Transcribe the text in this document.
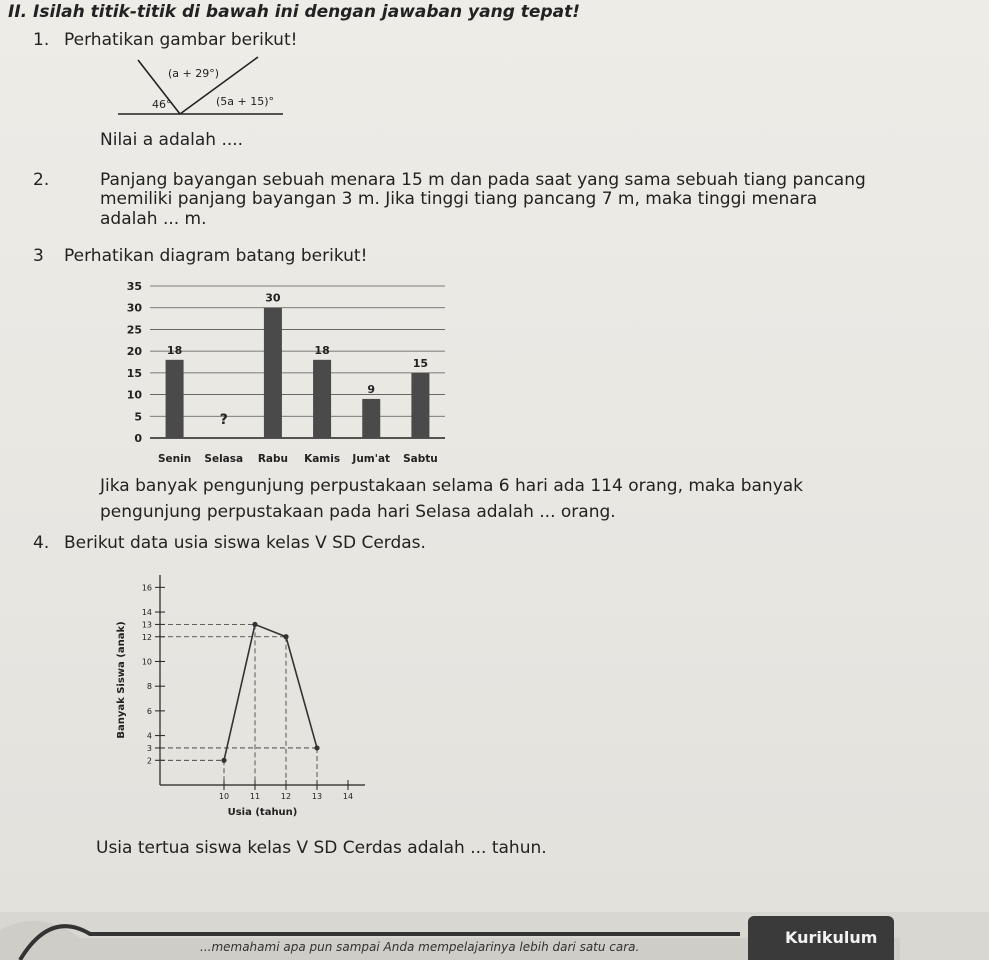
II. Isilah titik-titik di bawah ini dengan jawaban yang tepat!
1. Perhatikan gambar berikut!
(a + 29°)
46°	(5a + 15)°
Nilai a adalah ....
2.	Panjang bayangan sebuah menara 15 m dan pada saat yang sama sebuah tiang pancang
memiliki panjang bayangan 3 m. Jika tinggi tiang pancang 7 m, maka tinggi menara
adalah ... m.
3 Perhatikan diagram batang berikut!
0
5
10
15
20
25
30
35
18
Senin
?
Selasa
30
Rabu
18
Kamis
9
Jum'at
15
Sabtu
Jika banyak pengunjung perpustakaan selama 6 hari ada 114 orang, maka banyak
pengunjung perpustakaan pada hari Selasa adalah ... orang.
4. Berikut data usia siswa kelas V SD Cerdas.
2
3
4
6
8
10
12
13
14
16
10	11	12	13	14
Usia (tahun)
Banyak Siswa (anak)
Usia tertua siswa kelas V SD Cerdas adalah ... tahun.
...memahami apa pun sampai Anda mempelajarinya lebih dari satu cara.	Kurikulum
